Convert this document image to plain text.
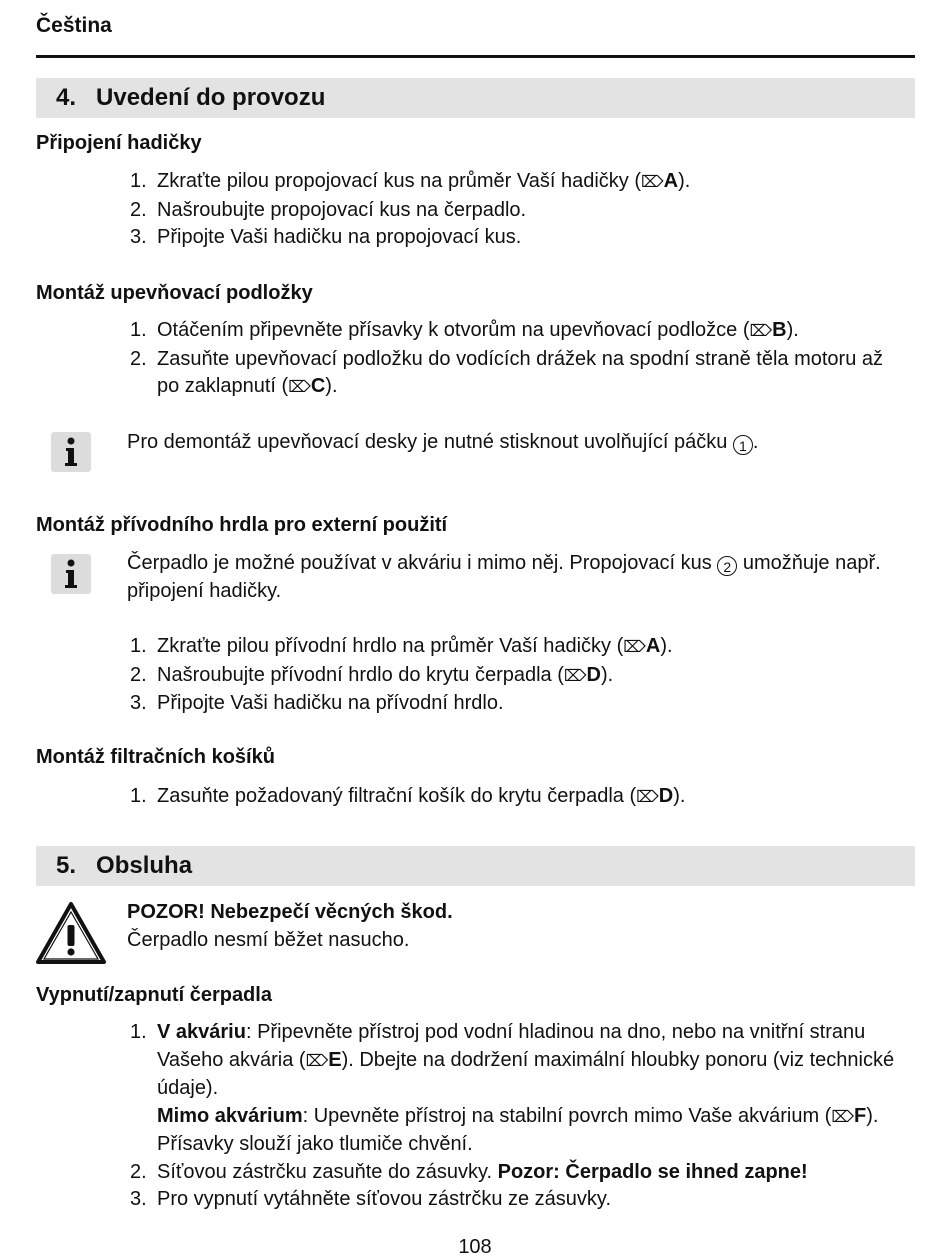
Čeština
4. Uvedení do provozu
Připojení hadičky
1. Zkraťte pilou propojovací kus na průměr Vaší hadičky (⌦A).
2. Našroubujte propojovací kus na čerpadlo.
3. Připojte Vaši hadičku na propojovací kus.
Montáž upevňovací podložky
1. Otáčením připevněte přísavky k otvorům na upevňovací podložce (⌦B).
2. Zasuňte upevňovací podložku do vodících drážek na spodní straně těla motoru až po zaklapnutí (⌦C).
Pro demontáž upevňovací desky je nutné stisknout uvolňující páčku 1 .
Montáž přívodního hrdla pro externí použití
Čerpadlo je možné používat v akváriu i mimo něj. Propojovací kus 2 umožňuje např. připojení hadičky.
1. Zkraťte pilou přívodní hrdlo na průměr Vaší hadičky (⌦A).
2. Našroubujte přívodní hrdlo do krytu čerpadla (⌦D).
3. Připojte Vaši hadičku na přívodní hrdlo.
Montáž filtračních košíků
1. Zasuňte požadovaný filtrační košík do krytu čerpadla (⌦D).
5. Obsluha
POZOR! Nebezpečí věcných škod.
Čerpadlo nesmí běžet nasucho.
Vypnutí/zapnutí čerpadla
1. V akváriu: Připevněte přístroj pod vodní hladinou na dno, nebo na vnitřní stranu Vašeho akvária (⌦E). Dbejte na dodržení maximální hloubky ponoru (viz technické údaje).
Mimo akvárium: Upevněte přístroj na stabilní povrch mimo Vaše akvárium (⌦F). Přísavky slouží jako tlumiče chvění.
2. Síťovou zástrčku zasuňte do zásuvky. Pozor: Čerpadlo se ihned zapne!
3. Pro vypnutí vytáhněte síťovou zástrčku ze zásuvky.
108
